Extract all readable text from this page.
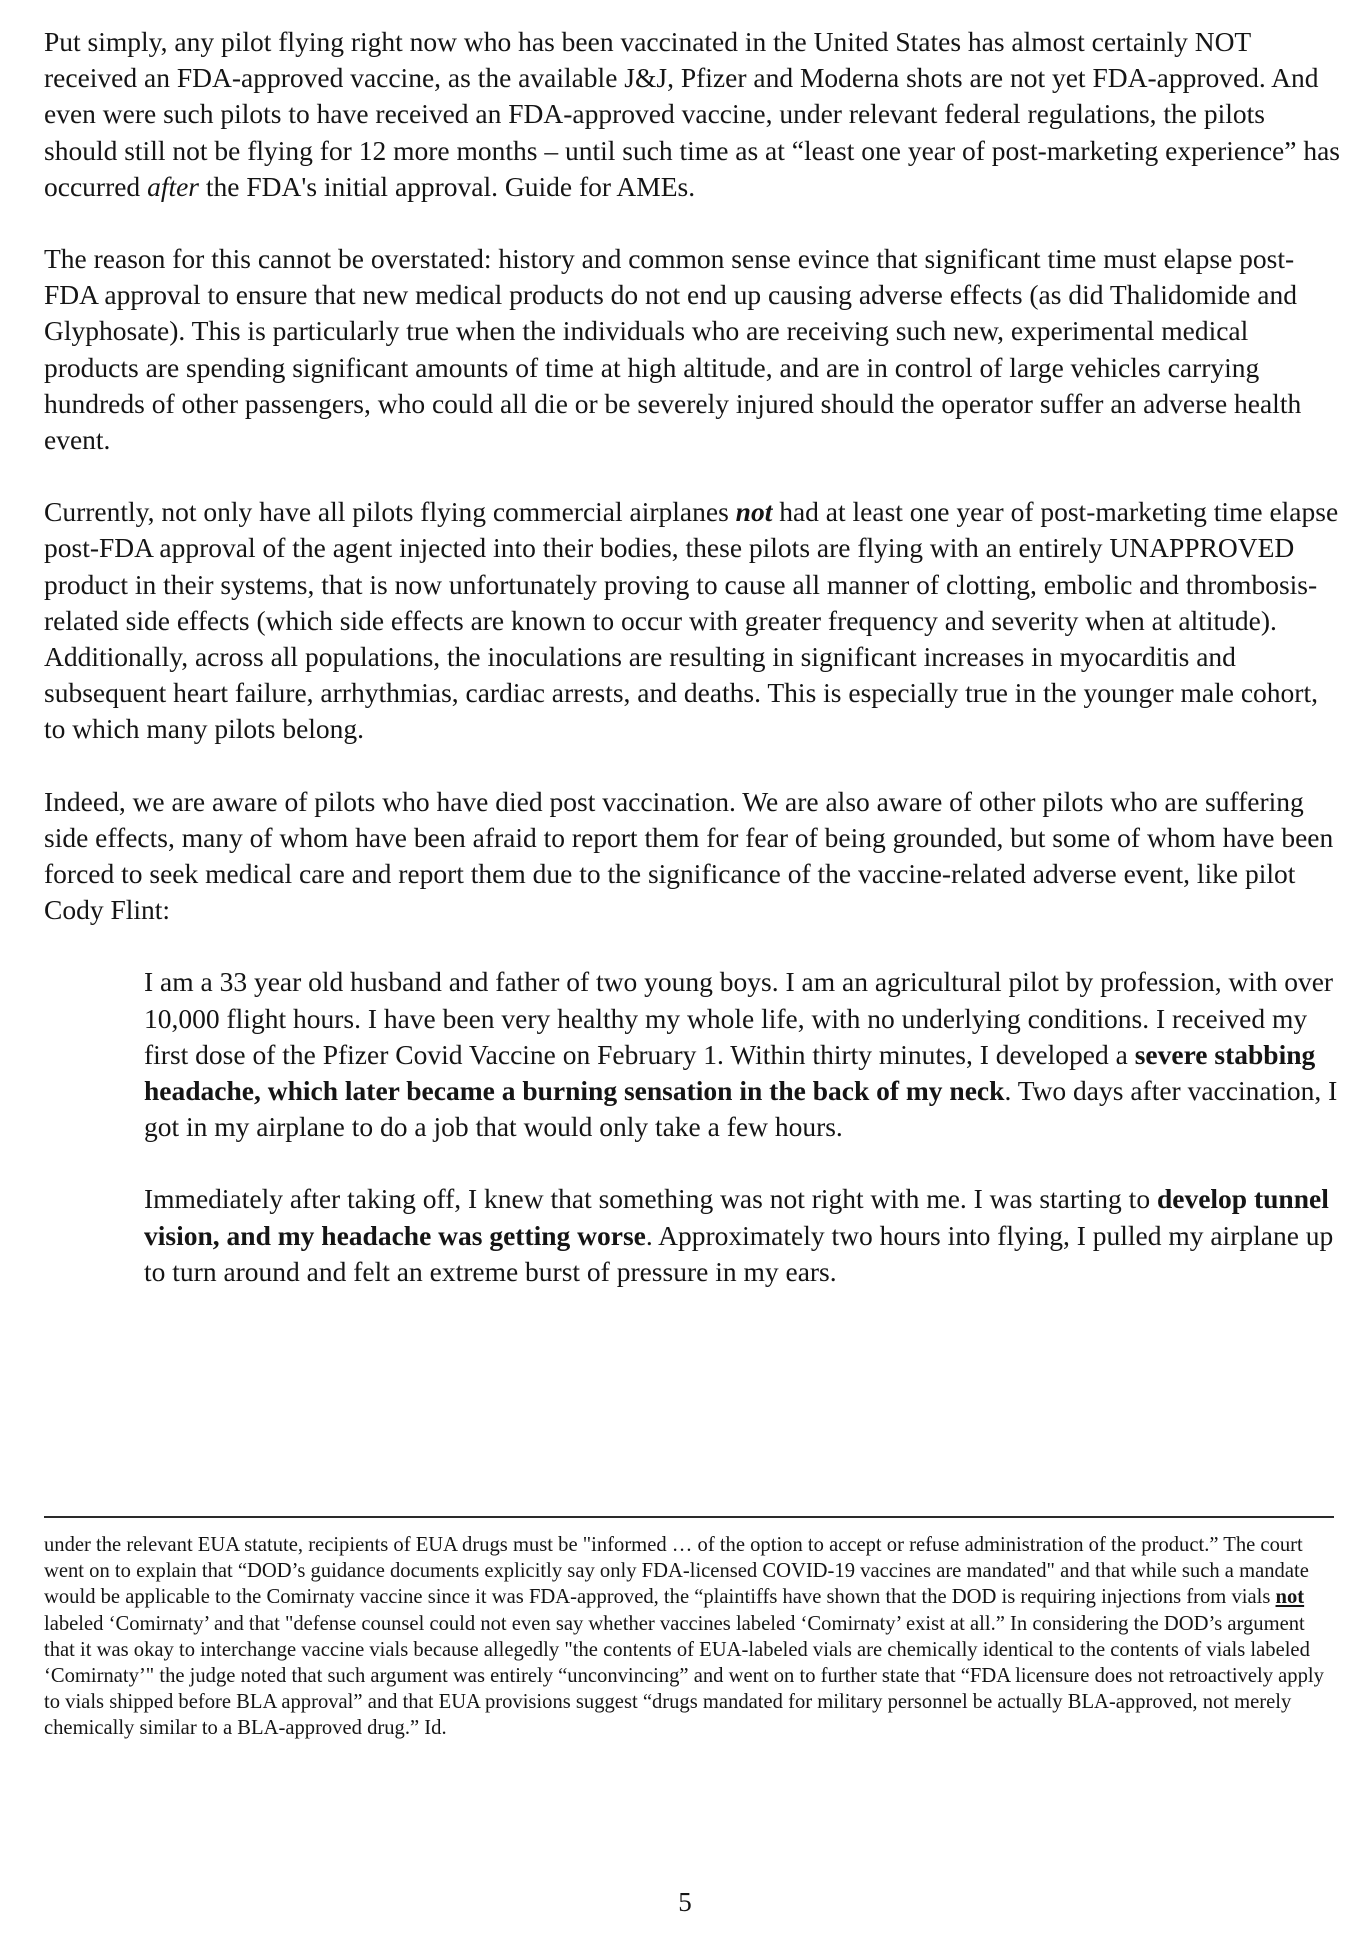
Put simply, any pilot flying right now who has been vaccinated in the United States has almost certainly NOT received an FDA-approved vaccine, as the available J&J, Pfizer and Moderna shots are not yet FDA-approved. And even were such pilots to have received an FDA-approved vaccine, under relevant federal regulations, the pilots should still not be flying for 12 more months – until such time as at “least one year of post-marketing experience” has occurred after the FDA's initial approval. Guide for AMEs.

The reason for this cannot be overstated: history and common sense evince that significant time must elapse post-FDA approval to ensure that new medical products do not end up causing adverse effects (as did Thalidomide and Glyphosate). This is particularly true when the individuals who are receiving such new, experimental medical products are spending significant amounts of time at high altitude, and are in control of large vehicles carrying hundreds of other passengers, who could all die or be severely injured should the operator suffer an adverse health event.

Currently, not only have all pilots flying commercial airplanes not had at least one year of post-marketing time elapse post-FDA approval of the agent injected into their bodies, these pilots are flying with an entirely UNAPPROVED product in their systems, that is now unfortunately proving to cause all manner of clotting, embolic and thrombosis-related side effects (which side effects are known to occur with greater frequency and severity when at altitude). Additionally, across all populations, the inoculations are resulting in significant increases in myocarditis and subsequent heart failure, arrhythmias, cardiac arrests, and deaths. This is especially true in the younger male cohort, to which many pilots belong.

Indeed, we are aware of pilots who have died post vaccination. We are also aware of other pilots who are suffering side effects, many of whom have been afraid to report them for fear of being grounded, but some of whom have been forced to seek medical care and report them due to the significance of the vaccine-related adverse event, like pilot Cody Flint:

I am a 33 year old husband and father of two young boys. I am an agricultural pilot by profession, with over 10,000 flight hours. I have been very healthy my whole life, with no underlying conditions. I received my first dose of the Pfizer Covid Vaccine on February 1. Within thirty minutes, I developed a severe stabbing headache, which later became a burning sensation in the back of my neck. Two days after vaccination, I got in my airplane to do a job that would only take a few hours.

Immediately after taking off, I knew that something was not right with me. I was starting to develop tunnel vision, and my headache was getting worse. Approximately two hours into flying, I pulled my airplane up to turn around and felt an extreme burst of pressure in my ears.

under the relevant EUA statute, recipients of EUA drugs must be "informed … of the option to accept or refuse administration of the product.” The court went on to explain that “DOD’s guidance documents explicitly say only FDA-licensed COVID-19 vaccines are mandated" and that while such a mandate would be applicable to the Comirnaty vaccine since it was FDA-approved, the “plaintiffs have shown that the DOD is requiring injections from vials not labeled ‘Comirnaty’ and that "defense counsel could not even say whether vaccines labeled ‘Comirnaty’ exist at all.” In considering the DOD’s argument that it was okay to interchange vaccine vials because allegedly "the contents of EUA-labeled vials are chemically identical to the contents of vials labeled ‘Comirnaty’" the judge noted that such argument was entirely “unconvincing” and went on to further state that “FDA licensure does not retroactively apply to vials shipped before BLA approval” and that EUA provisions suggest “drugs mandated for military personnel be actually BLA-approved, not merely chemically similar to a BLA-approved drug.” Id.

5
